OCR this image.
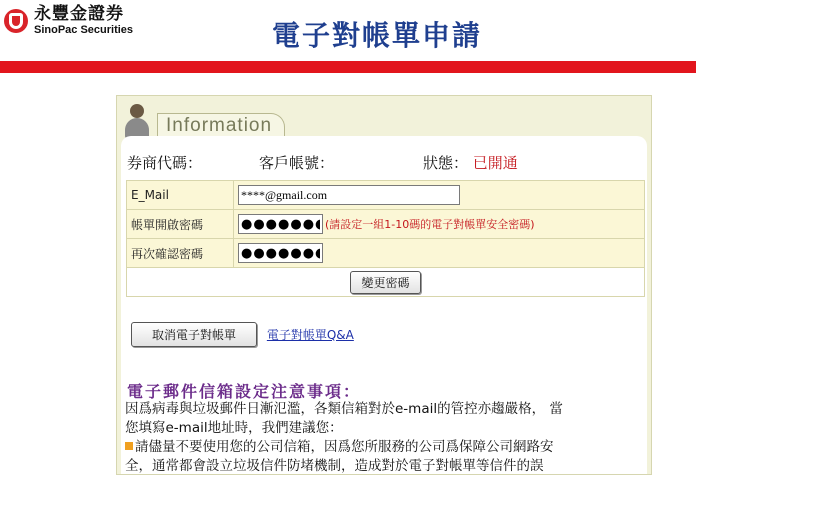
永豐金證券
SinoPac Securities	電子對帳單申請
Information
券商代碼：	客戶帳號：	狀態： 已開通
E_Mail	****@gmail.com
帳單開啟密碼	●●●●●●●●●(請設定一組1-10碼的電子對帳單安全密碼)
再次確認密碼	●●●●●●●●●
變更密碼	
取消電子對帳單	電子對帳單Q&A
電子郵件信箱設定注意事項：
因爲病毒與垃圾郵件日漸氾濫，各類信箱對於e-mail的管控亦趨嚴格， 當
您填寫e-mail地址時，我們建議您：
請儘量不要使用您的公司信箱，因爲您所服務的公司爲保障公司網路安
全，通常都會設立垃圾信件防堵機制，造成對於電子對帳單等信件的誤
